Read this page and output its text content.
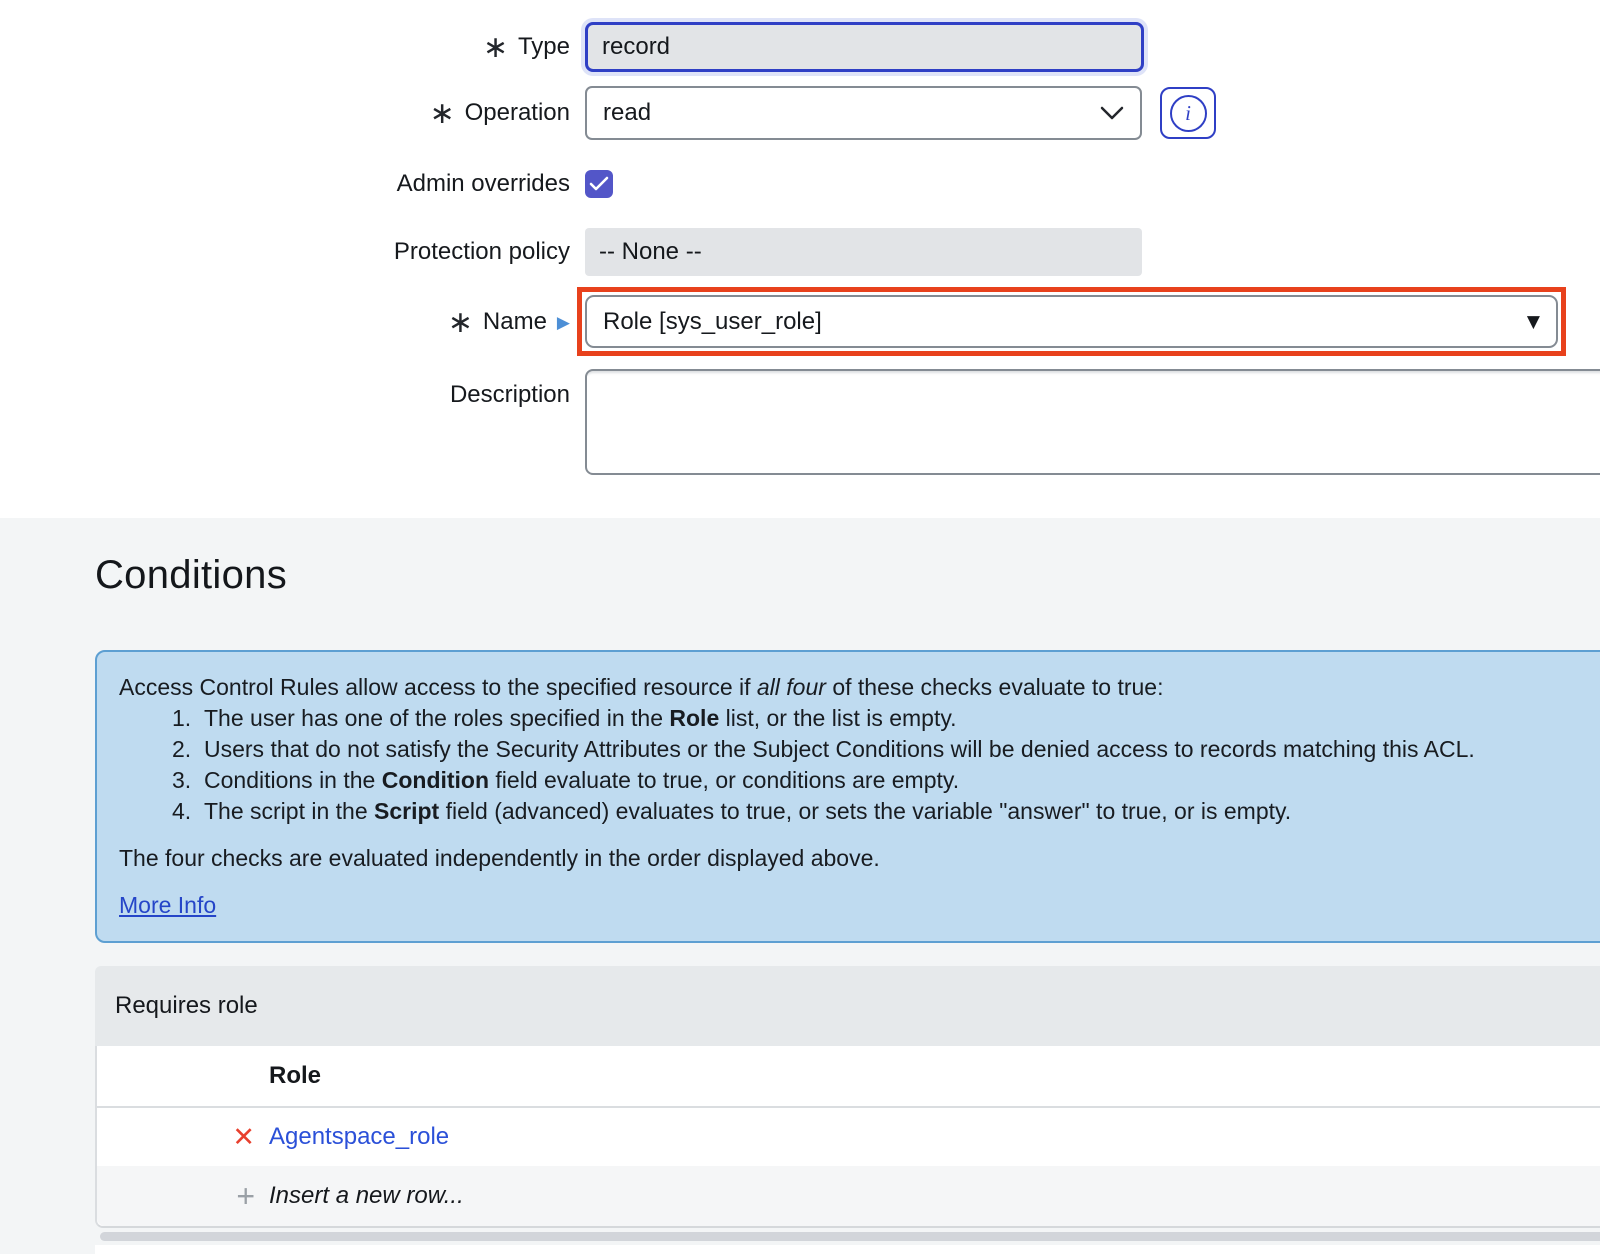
∗ Type record
∗ Operation read	i
Admin overrides
Protection policy -- None --
∗ Name ▶ Role [sys_user_role]	▼
Description
Conditions

Access Control Rules allow access to the specified resource if all four of these checks evaluate to true:

1. The user has one of the roles specified in the Role list, or the list is empty.
2. Users that do not satisfy the Security Attributes or the Subject Conditions will be denied access to records matching this ACL.
3. Conditions in the Condition field evaluate to true, or conditions are empty.
4. The script in the Script field (advanced) evaluates to true, or sets the variable "answer" to true, or is empty.

The four checks are evaluated independently in the order displayed above.

More Info
Requires role
Role
✕ Agentspace_role
+ Insert a new row...
